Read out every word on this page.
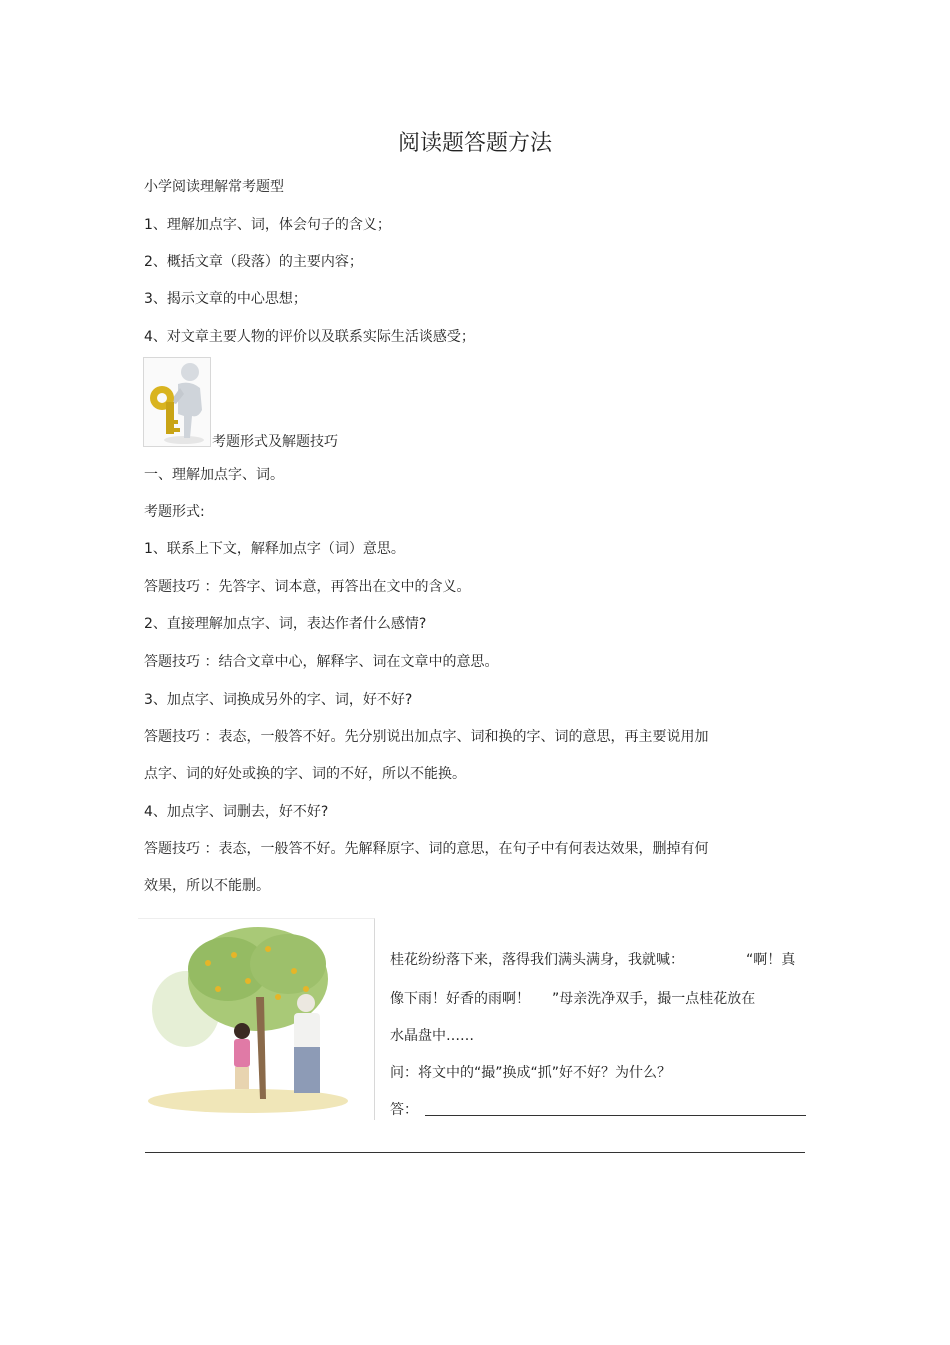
阅读题答题方法
小学阅读理解常考题型
1、理解加点字、词，体会句子的含义；
2、概括文章（段落）的主要内容；
3、揭示文章的中心思想；
4、对文章主要人物的评价以及联系实际生活谈感受；
考题形式及解题技巧
一、理解加点字、词。
考题形式:
1、联系上下文，解释加点字（词）意思。
答题技巧 ：先答字、词本意，再答出在文中的含义。
2、直接理解加点字、词，表达作者什么感情?
答题技巧 ：结合文章中心，解释字、词在文章中的意思。
3、加点字、词换成另外的字、词，好不好?
答题技巧 ：表态，一般答不好。先分别说出加点字、词和换的字、词的意思，再主要说用加
点字、词的好处或换的字、词的不好，所以不能换。
4、加点字、词删去，好不好?
答题技巧 ：表态，一般答不好。先解释原字、词的意思，在句子中有何表达效果，删掉有何
效果，所以不能删。
桂花纷纷落下来，落得我们满头满身，我就喊：	“啊！真
像下雨！好香的雨啊！ ”母亲洗净双手，撮一点桂花放在
水晶盘中……
问：将文中的“撮”换成“抓”好不好？为什么？
答：
